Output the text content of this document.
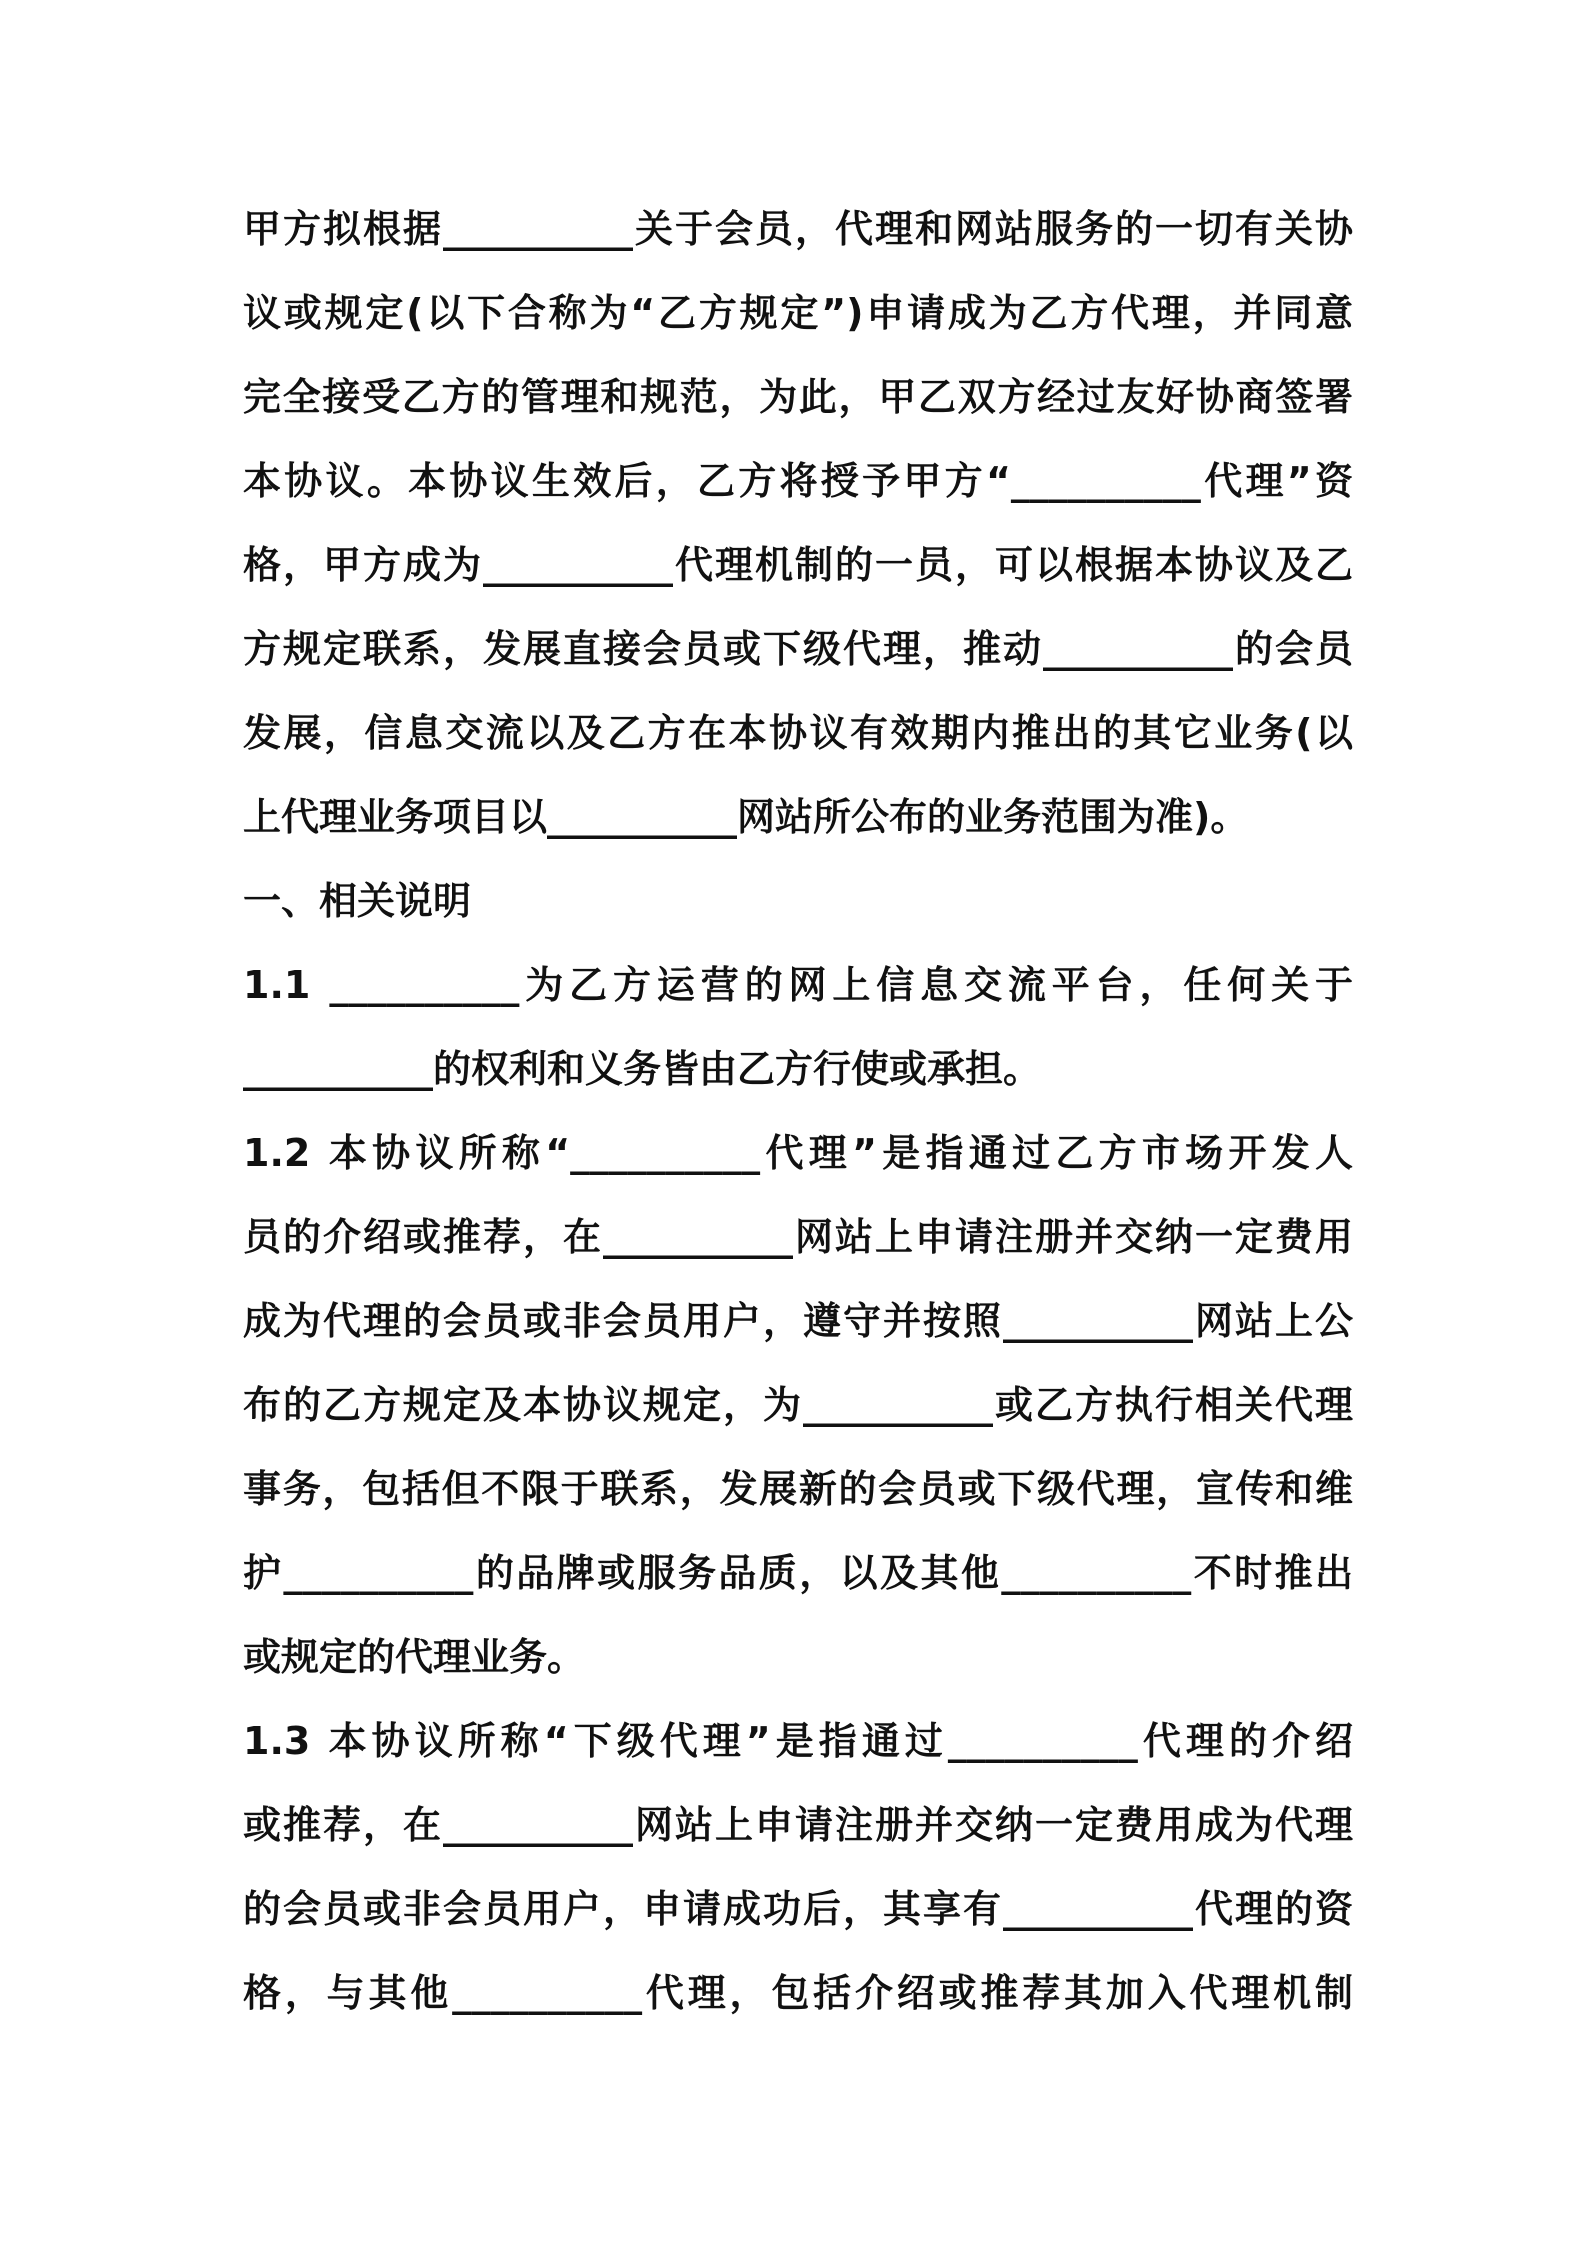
甲方拟根据__________关于会员，代理和网站服务的一切有关协
议或规定(以下合称为“乙方规定”)申请成为乙方代理，并同意
完全接受乙方的管理和规范，为此，甲乙双方经过友好协商签署
本协议。本协议生效后，乙方将授予甲方“__________代理”资
格，甲方成为__________代理机制的一员，可以根据本协议及乙
方规定联系，发展直接会员或下级代理，推动__________的会员
发展，信息交流以及乙方在本协议有效期内推出的其它业务(以
上代理业务项目以__________网站所公布的业务范围为准)。
一、相关说明
1.1 __________为乙方运营的网上信息交流平台，任何关于
__________的权利和义务皆由乙方行使或承担。
1.2 本协议所称“__________代理”是指通过乙方市场开发人
员的介绍或推荐，在__________网站上申请注册并交纳一定费用
成为代理的会员或非会员用户，遵守并按照__________网站上公
布的乙方规定及本协议规定，为__________或乙方执行相关代理
事务，包括但不限于联系，发展新的会员或下级代理，宣传和维
护__________的品牌或服务品质，以及其他__________不时推出
或规定的代理业务。
1.3 本协议所称“下级代理”是指通过__________代理的介绍
或推荐，在__________网站上申请注册并交纳一定费用成为代理
的会员或非会员用户，申请成功后，其享有__________代理的资
格，与其他__________代理，包括介绍或推荐其加入代理机制
